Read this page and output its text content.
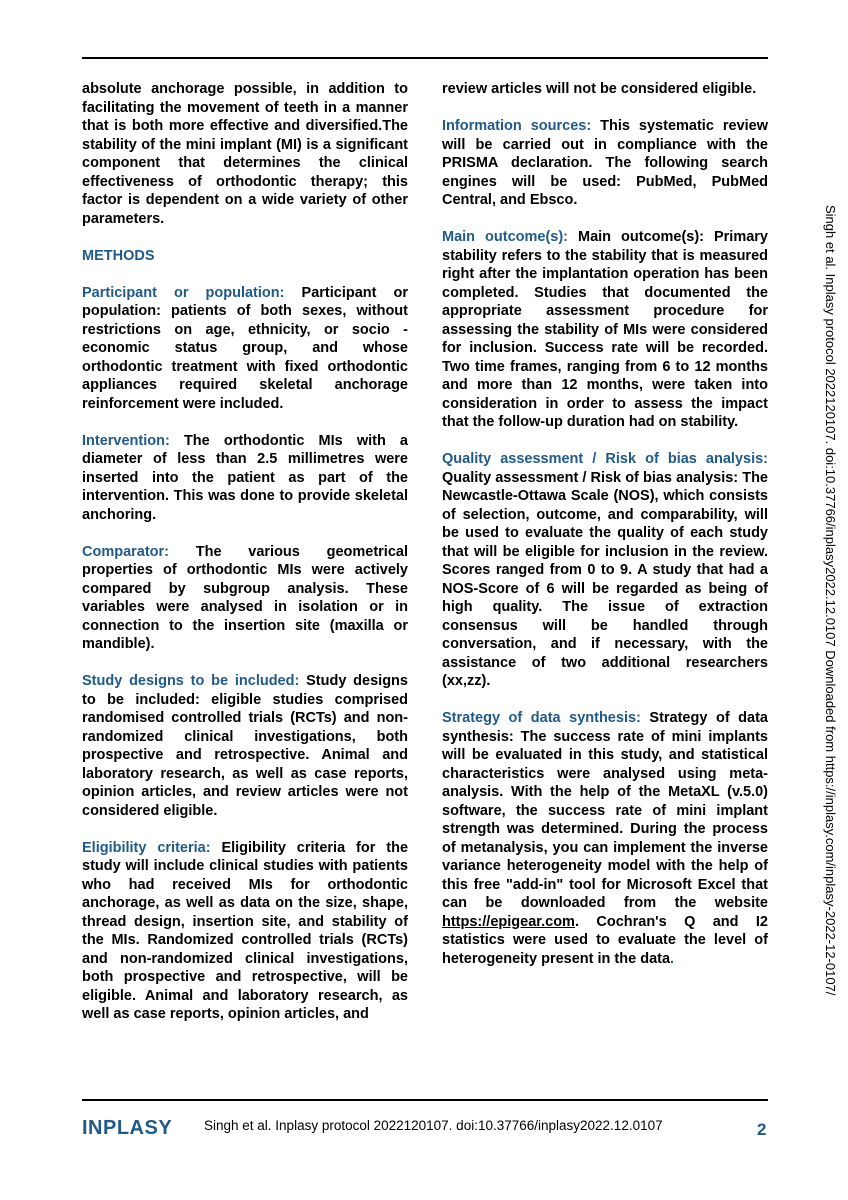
absolute anchorage possible, in addition to facilitating the movement of teeth in a manner that is both more effective and diversified.The stability of the mini implant (MI) is a significant component that determines the clinical effectiveness of orthodontic therapy; this factor is dependent on a wide variety of other parameters.

METHODS

Participant or population: Participant or population: patients of both sexes, without restrictions on age, ethnicity, or socio - economic status group, and whose orthodontic treatment with fixed orthodontic appliances required skeletal anchorage reinforcement were included.

Intervention: The orthodontic MIs with a diameter of less than 2.5 millimetres were inserted into the patient as part of the intervention. This was done to provide skeletal anchoring.

Comparator: The various geometrical properties of orthodontic MIs were actively compared by subgroup analysis. These variables were analysed in isolation or in connection to the insertion site (maxilla or mandible).

Study designs to be included: Study designs to be included: eligible studies comprised randomised controlled trials (RCTs) and non-randomized clinical investigations, both prospective and retrospective. Animal and laboratory research, as well as case reports, opinion articles, and review articles were not considered eligible.

Eligibility criteria: Eligibility criteria for the study will include clinical studies with patients who had received MIs for orthodontic anchorage, as well as data on the size, shape, thread design, insertion site, and stability of the MIs. Randomized controlled trials (RCTs) and non-randomized clinical investigations, both prospective and retrospective, will be eligible. Animal and laboratory research, as well as case reports, opinion articles, and

review articles will not be considered eligible.

Information sources: This systematic review will be carried out in compliance with the PRISMA declaration. The following search engines will be used: PubMed, PubMed Central, and Ebsco.

Main outcome(s): Main outcome(s): Primary stability refers to the stability that is measured right after the implantation operation has been completed. Studies that documented the appropriate assessment procedure for assessing the stability of MIs were considered for inclusion. Success rate will be recorded. Two time frames, ranging from 6 to 12 months and more than 12 months, were taken into consideration in order to assess the impact that the follow-up duration had on stability.

Quality assessment / Risk of bias analysis: Quality assessment / Risk of bias analysis: The Newcastle-Ottawa Scale (NOS), which consists of selection, outcome, and comparability, will be used to evaluate the quality of each study that will be eligible for inclusion in the review. Scores ranged from 0 to 9. A study that had a NOS-Score of 6 will be regarded as being of high quality. The issue of extraction consensus will be handled through conversation, and if necessary, with the assistance of two additional researchers (xx,zz).

Strategy of data synthesis: Strategy of data synthesis: The success rate of mini implants will be evaluated in this study, and statistical characteristics were analysed using meta-analysis. With the help of the MetaXL (v.5.0) software, the success rate of mini implant strength was determined. During the process of metanalysis, you can implement the inverse variance heterogeneity model with the help of this free "add-in" tool for Microsoft Excel that can be downloaded from the website https://epigear.com. Cochran's Q and I2 statistics were used to evaluate the level of heterogeneity present in the data.	Singh et al. Inplasy protocol 2022120107. doi:10.37766/inplasy2022.12.0107 Downloaded from https://inplasy.com/inplasy-2022-12-0107/
INPLASY Singh et al. Inplasy protocol 2022120107. doi:10.37766/inplasy2022.12.0107	2
